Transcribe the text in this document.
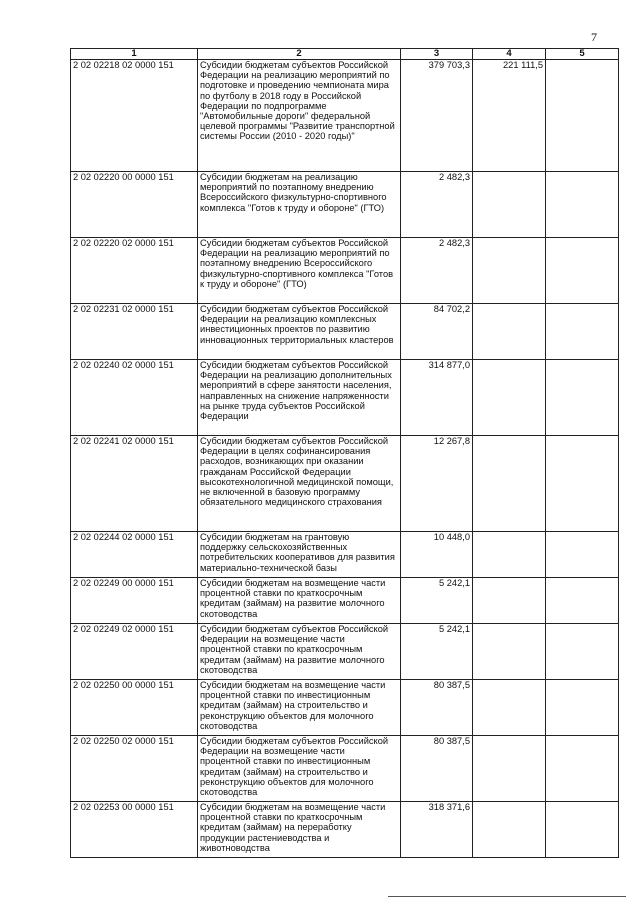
7
1	2	3	4	5
2 02 02218 02 0000 151	Субсидии бюджетам субъектов Российской Федерации на реализацию мероприятий по подготовке и проведению чемпионата мира по футболу в 2018 году в Российской Федерации по подпрограмме "Автомобильные дороги" федеральной целевой программы "Развитие транспортной системы России (2010 - 2020 годы)"	379 703,3	221 111,5	
2 02 02220 00 0000 151	Субсидии бюджетам на реализацию мероприятий по поэтапному внедрению Всероссийского физкультурно-спортивного комплекса "Готов к труду и обороне" (ГТО)	2 482,3		
2 02 02220 02 0000 151	Субсидии бюджетам субъектов Российской Федерации на реализацию мероприятий по поэтапному внедрению Всероссийского физкультурно-спортивного комплекса "Готов к труду и обороне" (ГТО)	2 482,3		
2 02 02231 02 0000 151	Субсидии бюджетам субъектов Российской Федерации на реализацию комплексных инвестиционных проектов по развитию инновационных территориальных кластеров	84 702,2		
2 02 02240 02 0000 151	Субсидии бюджетам субъектов Российской Федерации на реализацию дополнительных мероприятий в сфере занятости населения, направленных на снижение напряженности на рынке труда субъектов Российской Федерации	314 877,0		
2 02 02241 02 0000 151	Субсидии бюджетам субъектов Российской Федерации в целях софинансирования расходов, возникающих при оказании гражданам Российской Федерации высокотехнологичной медицинской помощи, не включенной в базовую программу обязательного медицинского страхования	12 267,8		
2 02 02244 02 0000 151	Субсидии бюджетам на грантовую поддержку сельскохозяйственных потребительских кооперативов для развития материально-технической базы	10 448,0		
2 02 02249 00 0000 151	Субсидии бюджетам на возмещение части процентной ставки по краткосрочным кредитам (займам) на развитие молочного скотоводства	5 242,1		
2 02 02249 02 0000 151	Субсидии бюджетам субъектов Российской Федерации на возмещение части процентной ставки по краткосрочным кредитам (займам) на развитие молочного скотоводства	5 242,1		
2 02 02250 00 0000 151	Субсидии бюджетам на возмещение части процентной ставки по инвестиционным кредитам (займам) на строительство и реконструкцию объектов для молочного скотоводства	80 387,5		
2 02 02250 02 0000 151	Субсидии бюджетам субъектов Российской Федерации на возмещение части процентной ставки по инвестиционным кредитам (займам) на строительство и реконструкцию объектов для молочного скотоводства	80 387,5		
2 02 02253 00 0000 151	Субсидии бюджетам на возмещение части процентной ставки по краткосрочным кредитам (займам) на переработку продукции растениеводства и животноводства	318 371,6		
